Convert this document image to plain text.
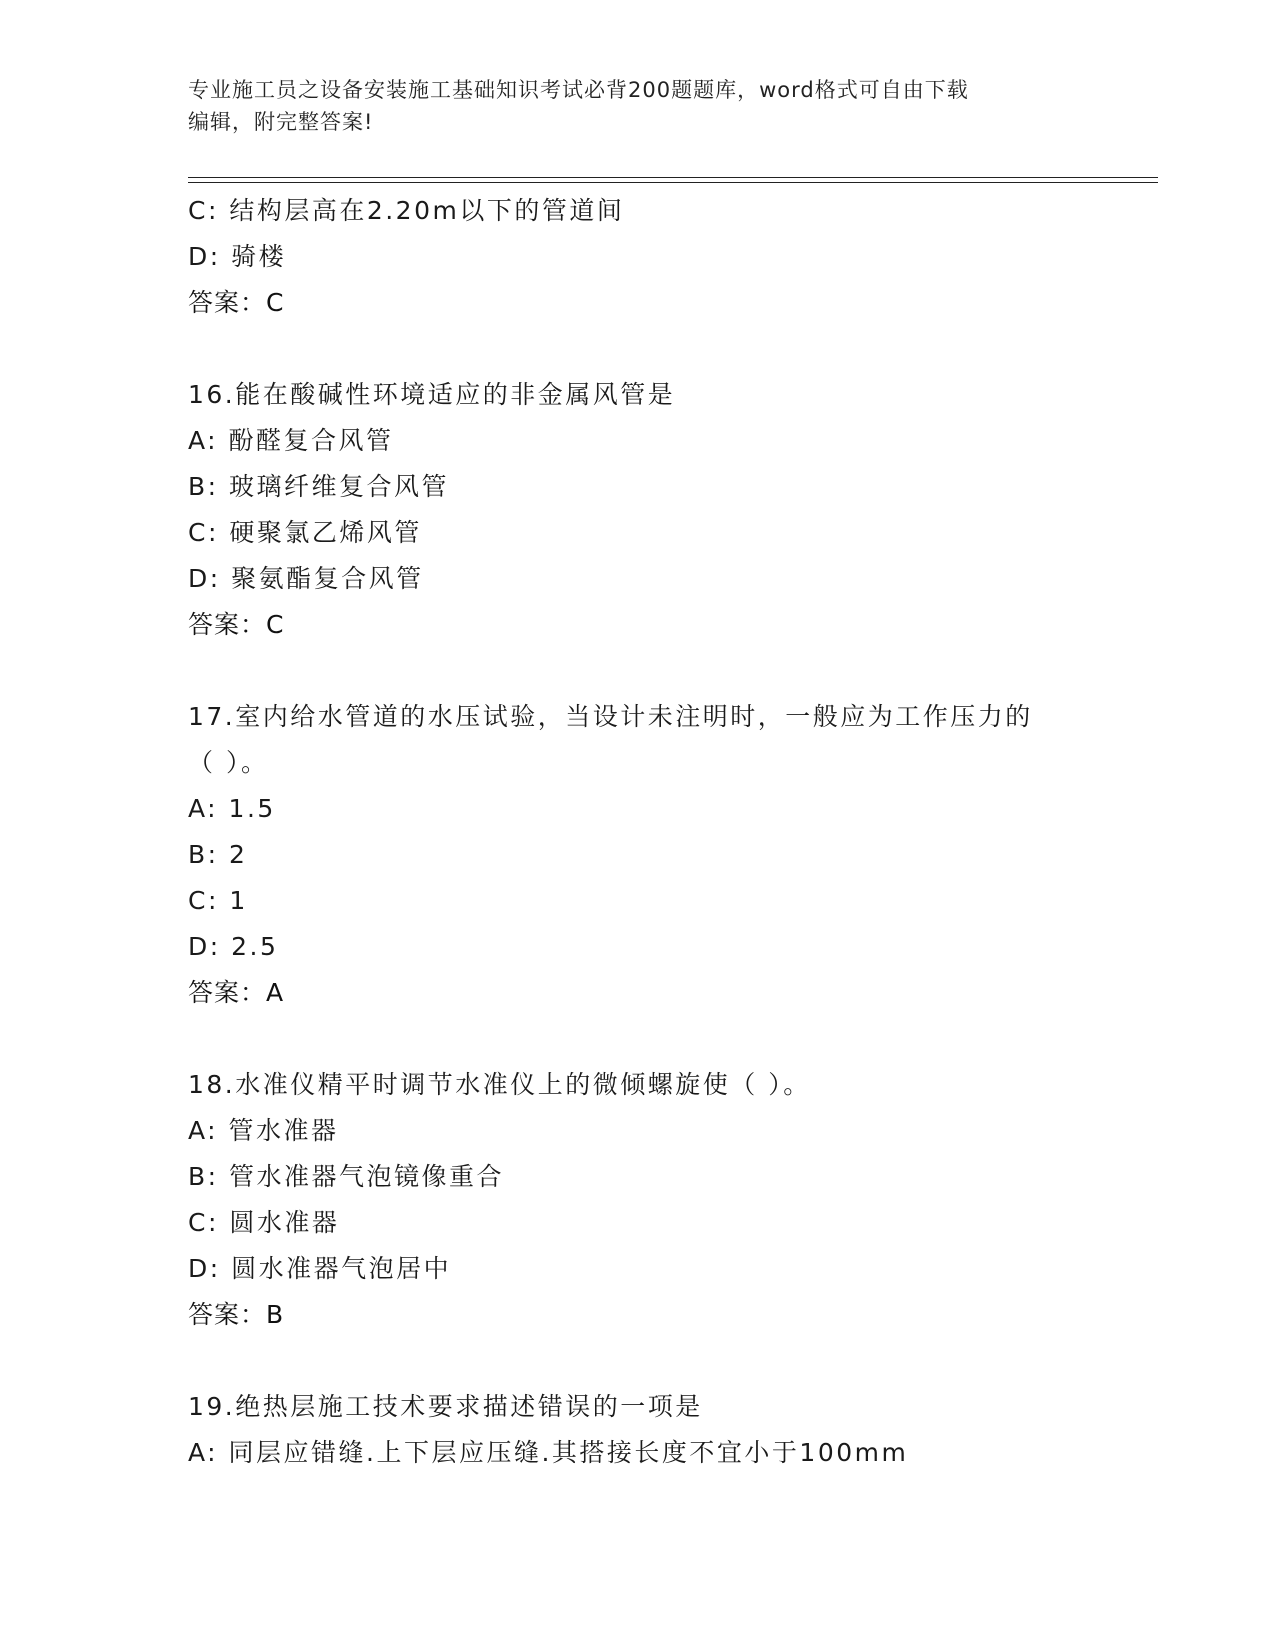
专业施工员之设备安装施工基础知识考试必背200题题库，word格式可自由下载
编辑，附完整答案!
C: 结构层高在2.20m以下的管道间
D: 骑楼
答案：C
16.能在酸碱性环境适应的非金属风管是
A: 酚醛复合风管
B: 玻璃纤维复合风管
C: 硬聚氯乙烯风管
D: 聚氨酯复合风管
答案：C
17.室内给水管道的水压试验，当设计未注明时，一般应为工作压力的
（ ）。
A: 1.5
B: 2
C: 1
D: 2.5
答案：A
18.水准仪精平时调节水准仪上的微倾螺旋使（ ）。
A: 管水准器
B: 管水准器气泡镜像重合
C: 圆水准器
D: 圆水准器气泡居中
答案：B
19.绝热层施工技术要求描述错误的一项是
A: 同层应错缝.上下层应压缝.其搭接长度不宜小于100mm
